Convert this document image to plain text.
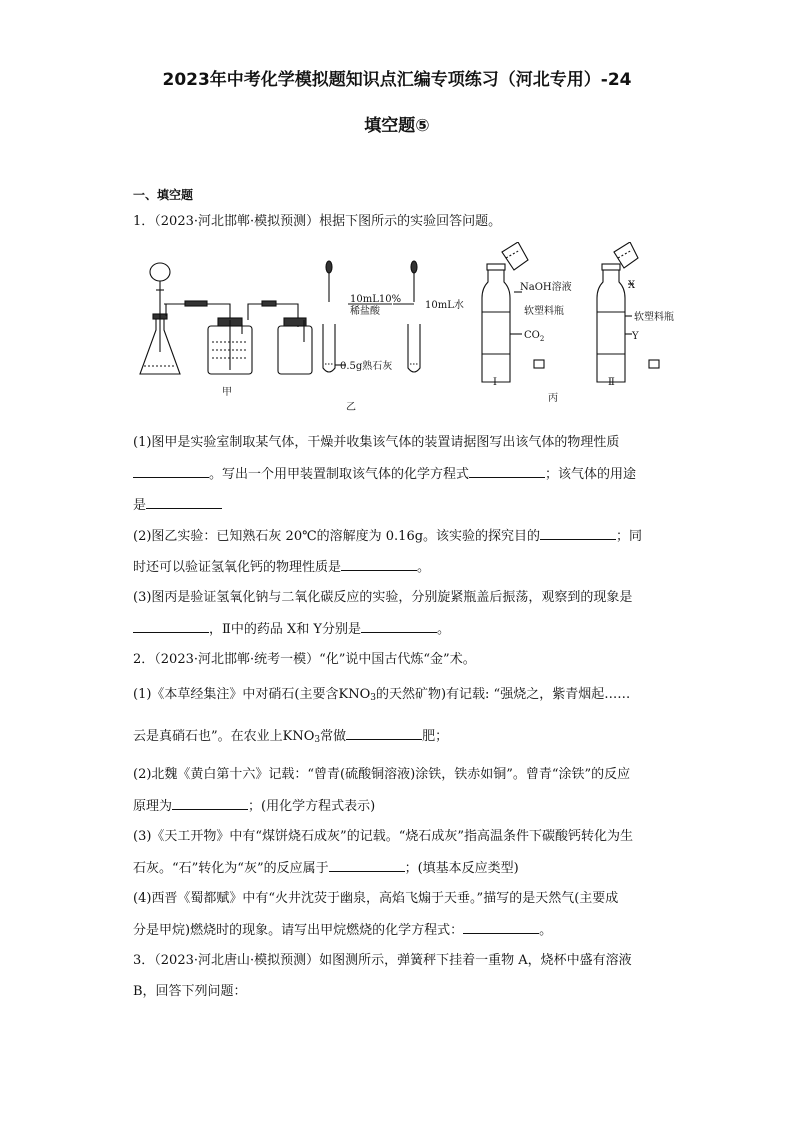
2023年中考化学模拟题知识点汇编专项练习（河北专用）-24
填空题⑤
一、填空题
1．（2023·河北邯郸·模拟预测）根据下图所示的实验回答问题。
甲
乙
10mL10%
稀盐酸
10mL水
0.5g熟石灰
NaOH溶液
软塑料瓶
$CO_2$
软塑料瓶
X
Y
Ⅰ	Ⅱ
丙
(1)图甲是实验室制取某气体，干燥并收集该气体的装置请据图写出该气体的物理性质
。写出一个用甲装置制取该气体的化学方程式	；该气体的用途
是
(2)图乙实验：已知熟石灰 20℃的溶解度为 0.16g。该实验的探究目的	；同
时还可以验证氢氧化钙的物理性质是	。
(3)图丙是验证氢氧化钠与二氧化碳反应的实验，分别旋紧瓶盖后振荡，观察到的现象是
，Ⅱ中的药品 X和 Y分别是	。
2．（2023·河北邯郸·统考一模）“化”说中国古代炼“金”术。
(1)《本草经集注》中对硝石(主要含$KNO_3$的天然矿物)有记载: “强烧之，紫青烟起……
云是真硝石也”。在农业上$KNO_3$常做	肥；
(2)北魏《黄白第十六》记载：“曾青(硫酸铜溶液)涂铁，铁赤如铜”。曾青“涂铁”的反应
原理为	；(用化学方程式表示)
(3)《天工开物》中有“煤饼烧石成灰”的记载。“烧石成灰”指高温条件下碳酸钙转化为生
石灰。“石”转化为“灰”的反应属于	；(填基本反应类型)
(4)西晋《蜀都赋》中有“火井沈荧于幽泉，高焰飞煽于天垂。”描写的是天然气(主要成
分是甲烷)燃烧时的现象。请写出甲烷燃烧的化学方程式：	。
3．（2023·河北唐山·模拟预测）如图测所示，弹簧秤下挂着一重物 A，烧杯中盛有溶液
B，回答下列问题：
